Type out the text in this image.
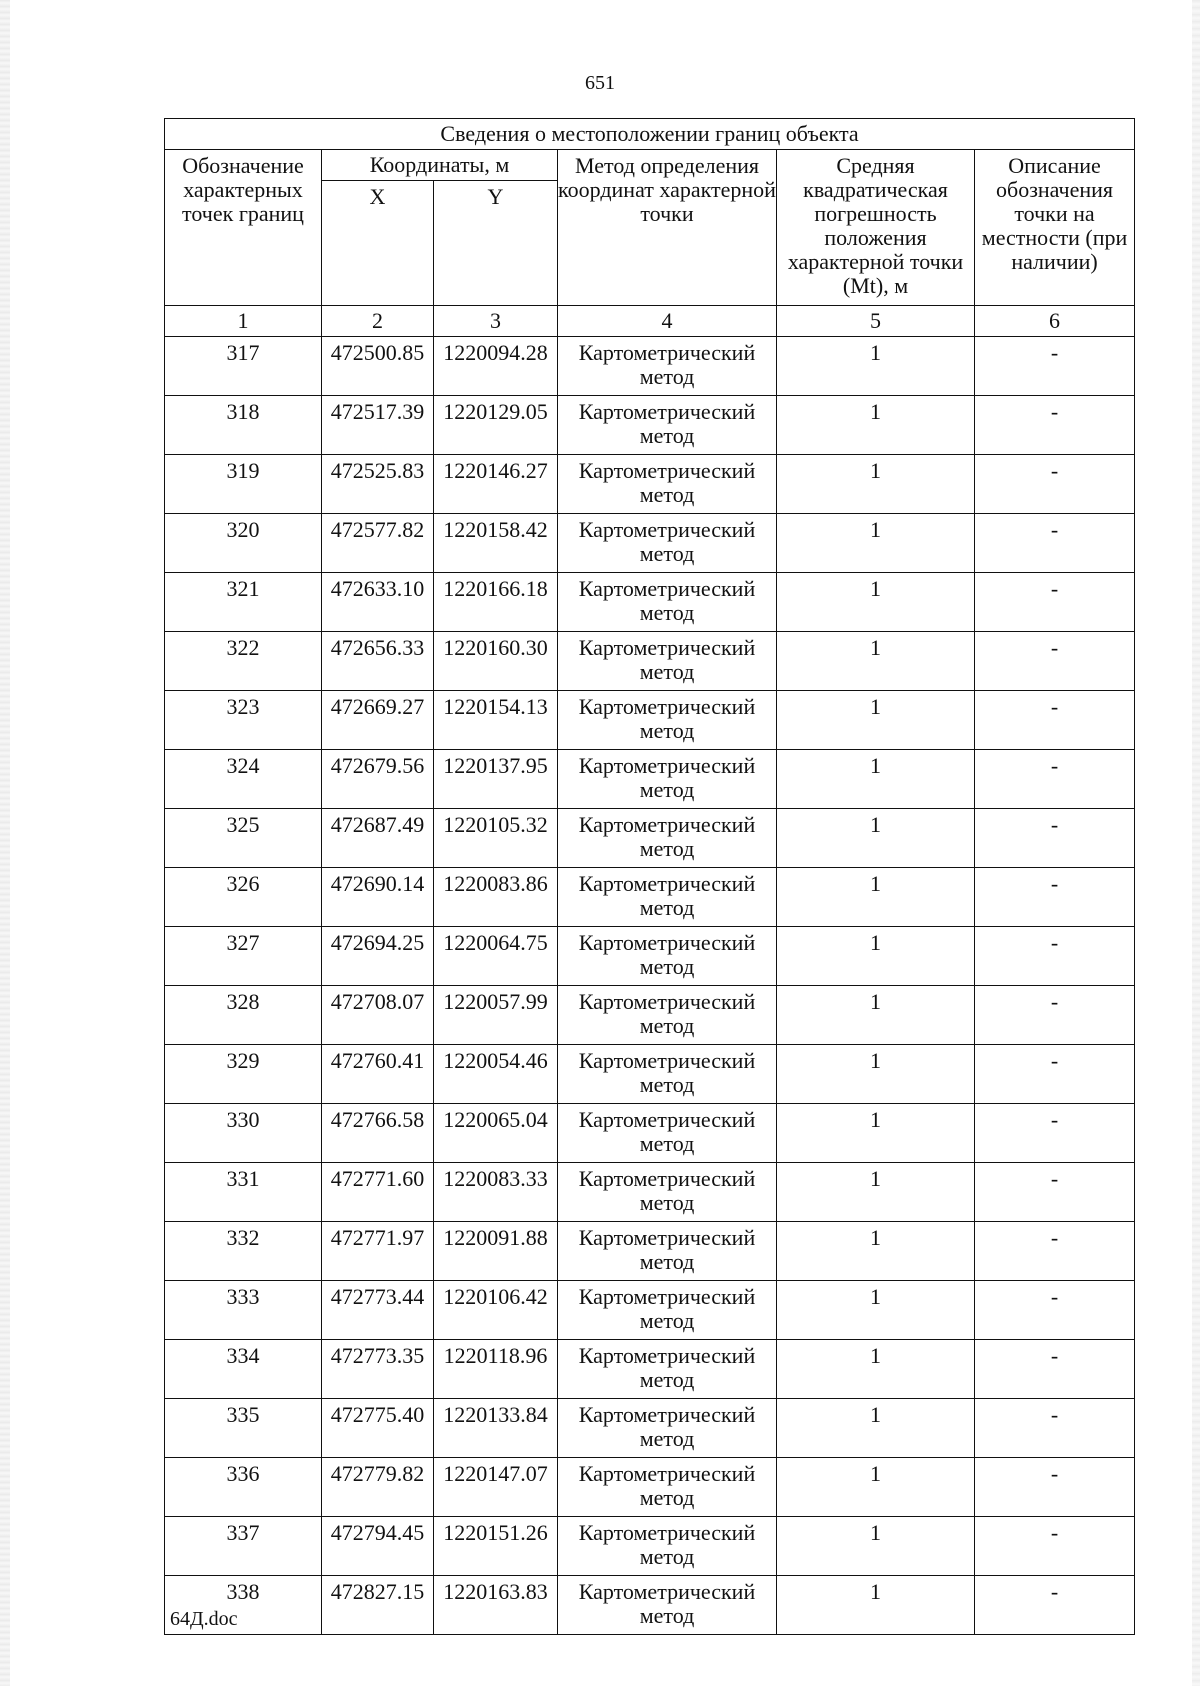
651
Сведения о местоположении границ объекта					
Обозначение характерных точек границ	Координаты, м		Метод определения координат характерной точки	Средняя квадратическая погрешность положения характерной точки (Mt), м	Описание обозначения точки на местности (при наличии)
	X	Y			
1	2	3	4	5	6
317	472500.85	1220094.28	Картометрический метод	1	-
318	472517.39	1220129.05	Картометрический метод	1	-
319	472525.83	1220146.27	Картометрический метод	1	-
320	472577.82	1220158.42	Картометрический метод	1	-
321	472633.10	1220166.18	Картометрический метод	1	-
322	472656.33	1220160.30	Картометрический метод	1	-
323	472669.27	1220154.13	Картометрический метод	1	-
324	472679.56	1220137.95	Картометрический метод	1	-
325	472687.49	1220105.32	Картометрический метод	1	-
326	472690.14	1220083.86	Картометрический метод	1	-
327	472694.25	1220064.75	Картометрический метод	1	-
328	472708.07	1220057.99	Картометрический метод	1	-
329	472760.41	1220054.46	Картометрический метод	1	-
330	472766.58	1220065.04	Картометрический метод	1	-
331	472771.60	1220083.33	Картометрический метод	1	-
332	472771.97	1220091.88	Картометрический метод	1	-
333	472773.44	1220106.42	Картометрический метод	1	-
334	472773.35	1220118.96	Картометрический метод	1	-
335	472775.40	1220133.84	Картометрический метод	1	-
336	472779.82	1220147.07	Картометрический метод	1	-
337	472794.45	1220151.26	Картометрический метод	1	-
338	472827.15	1220163.83	Картометрический метод	1	-
64Д.doc
